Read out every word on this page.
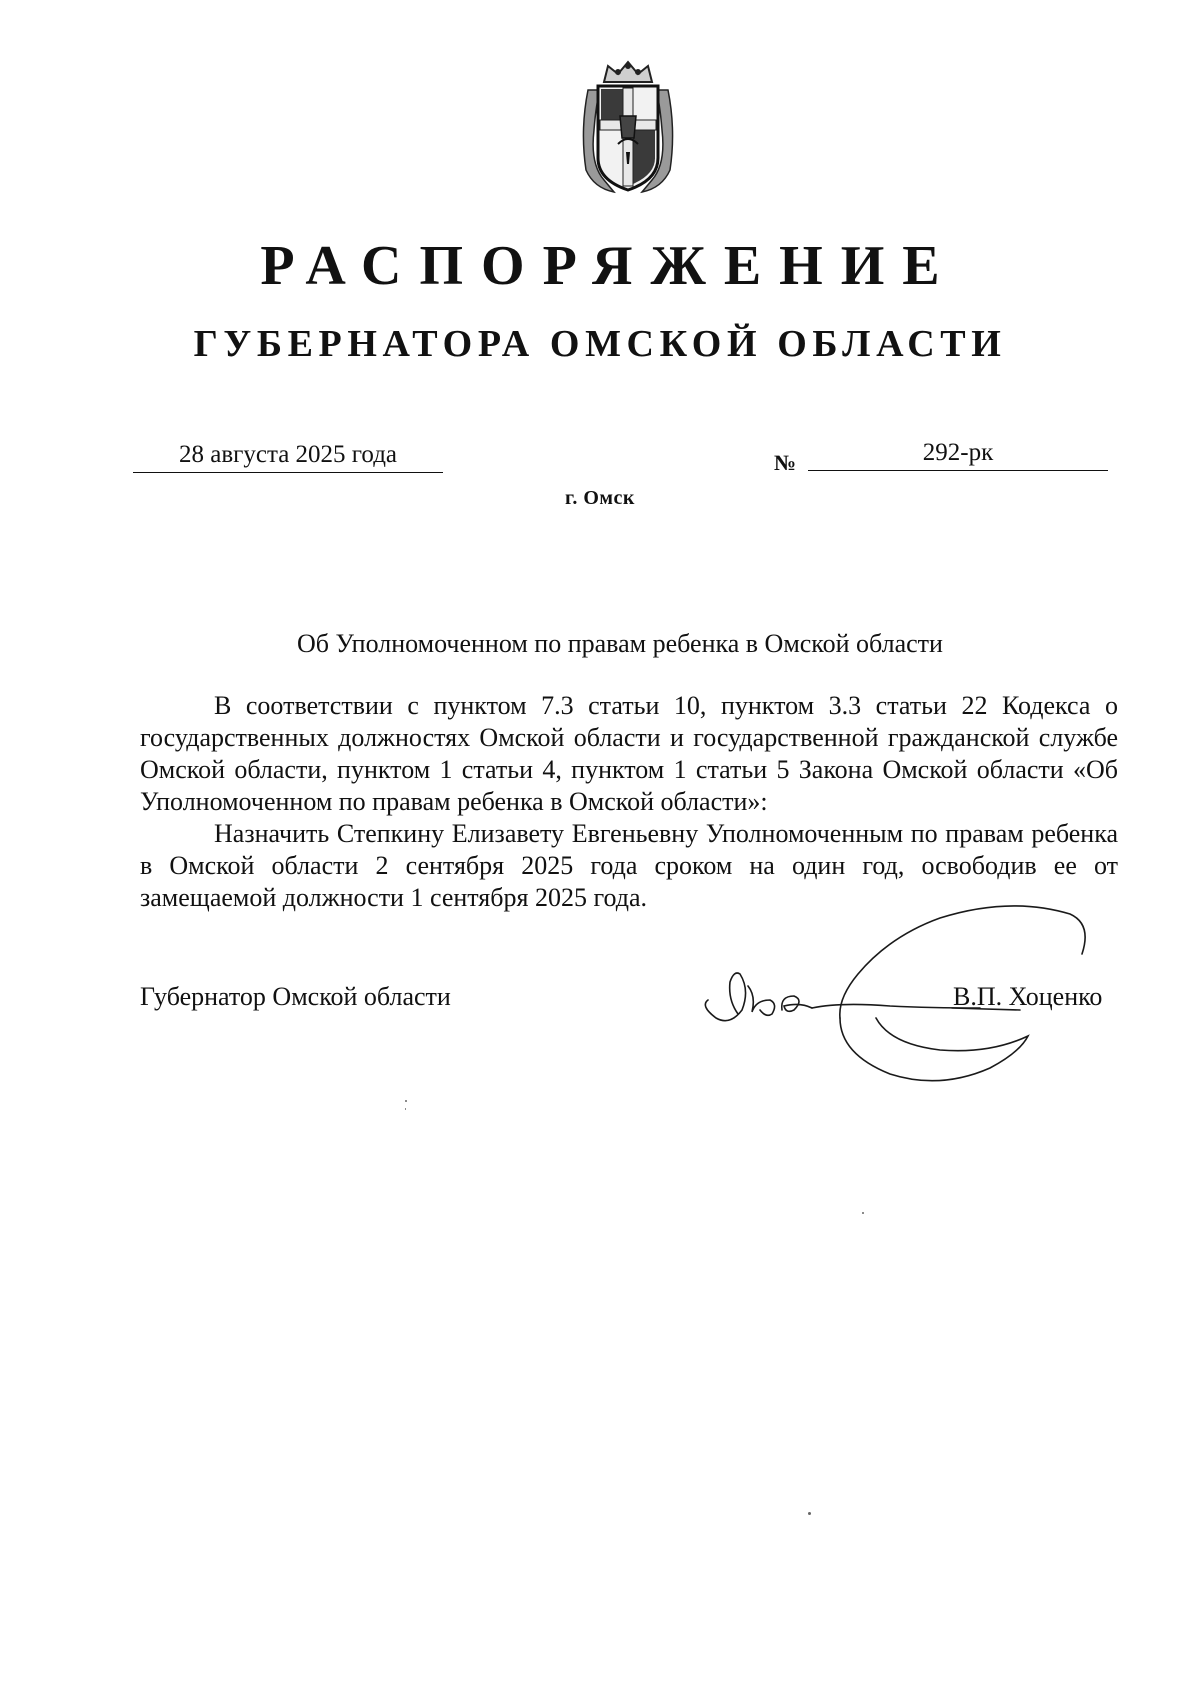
РАСПОРЯЖЕНИЕ
ГУБЕРНАТОРА ОМСКОЙ ОБЛАСТИ
28 августа 2025 года	№	292-рк
г. Омск
Об Уполномоченном по правам ребенка в Омской области

В соответствии с пунктом 7.3 статьи 10, пунктом 3.3 статьи 22 Кодекса о государственных должностях Омской области и государственной гражданской службе Омской области, пунктом 1 статьи 4, пунктом 1 статьи 5 Закона Омской области «Об Уполномоченном по правам ребенка в Омской области»:

Назначить Степкину Елизавету Евгеньевну Уполномоченным по правам ребенка в Омской области 2 сентября 2025 года сроком на один год, освободив ее от замещаемой должности 1 сентября 2025 года.

Губернатор Омской области	В.П. Хоценко
